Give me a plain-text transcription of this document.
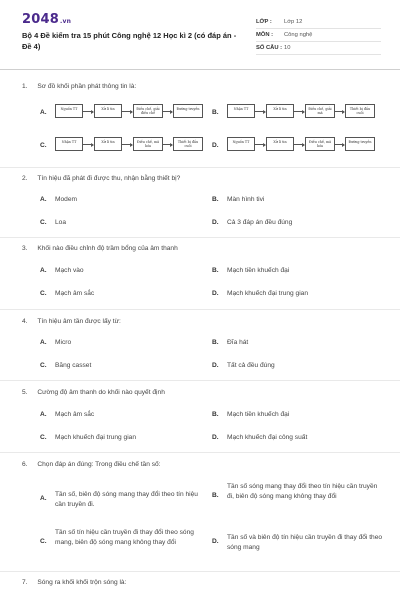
2048.vn
Bộ 4 Đề kiểm tra 15 phút Công nghệ 12 Học kì 2 (có đáp án - Đề 4)
LỚP : Lớp 12
MÔN : Công nghệ
SỐ CÂU : 10
1. Sơ đồ khối phần phát thông tin là:
A.	Nguồn TT	Xử lí tin	Điều chế, giải điều chế
Đường truyền	B.	Nhận TT	Xử lí tin	Điều chế, giải mã
Thiết bị đầu cuối
C.	Nhận TT	Xử lí tin	Điều chế, mã hóa
Thiết bị đầu cuối	D.	Nguồn TT	Xử lí tin	Điều chế, mã hóa
Đường truyền
2. Tín hiệu đã phát đi được thu, nhận bằng thiết bị?
A. Modem	B. Màn hình tivi
C. Loa	D. Cả 3 đáp án đều đúng
3. Khối nào điều chỉnh độ trầm bổng của âm thanh
A. Mạch vào	B. Mạch tiền khuếch đại
C. Mạch âm sắc	D. Mạch khuếch đại trung gian
4. Tín hiệu âm tần được lấy từ:
A. Micro	B. Đĩa hát
C. Băng casset	D. Tất cả đều đúng
5. Cường độ âm thanh do khối nào quyết định
A. Mạch âm sắc	B. Mạch tiền khuếch đại
C. Mạch khuếch đại trung gian	D. Mạch khuếch đại công suất
6. Chọn đáp án đúng: Trong điều chế tần số:
A.
Tần số, biên độ sóng mang thay đổi theo tín hiệu cần truyền đi.
B.
Tần số sóng mang thay đổi theo tín hiệu cần truyền đi, biên độ sóng mang không thay đổi
C.
Tần số tín hiệu cần truyền đi thay đổi theo sóng mang, biên độ sóng mang không thay đổi	D.
Tần số và biên độ tín hiệu cần truyền đi thay đổi theo sóng mang
7. Sóng ra khối khối trộn sóng là:
